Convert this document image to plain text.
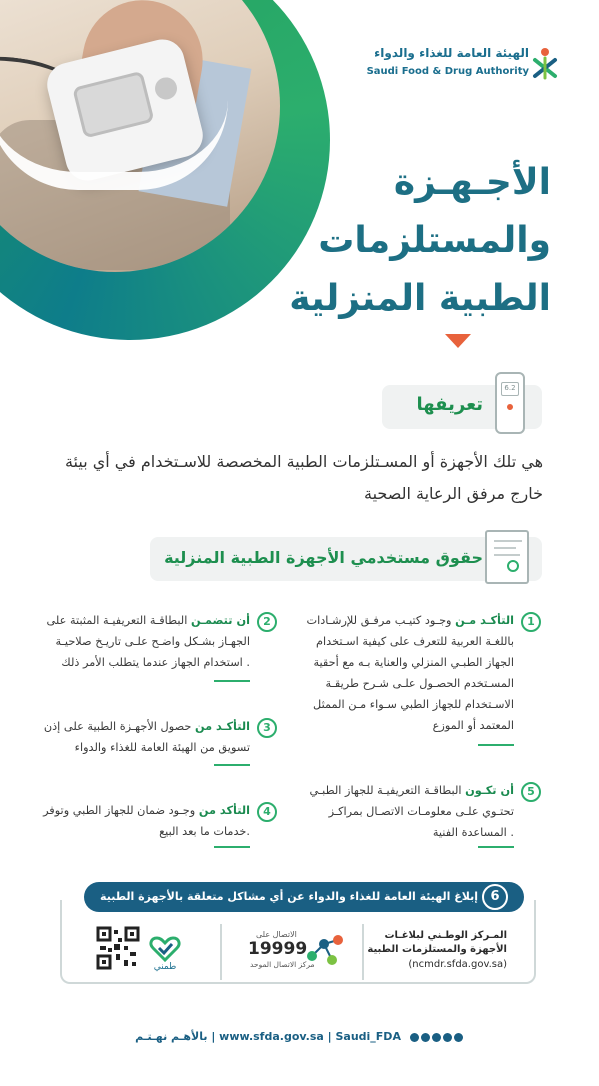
الهيئة العامة للغذاء والدواء
Saudi Food & Drug Authority
الأجـهـزة
والمستلزمات
الطبية المنزلية
تعريفها
6.2
هي تلك الأجهزة أو المسـتلزمات الطبية المخصصة للاسـتخدام في أي بيئة خارج مرفق الرعاية الصحية
حقوق مستخدمي الأجهزة الطبية المنزلية
1
التأكـد مـن وجـود كتيـب مرفـق للإرشـادات باللغـة العربية للتعرف على كيفية اسـتخدام الجهاز الطبـي المنزلي والعناية بـه مع أحقية المسـتخدم الحصـول علـى شـرح طريقـة الاسـتخدام للجهاز الطبي سـواء مـن الممثل المعتمد أو الموزع
2
أن تتضمـن البطاقـة التعريفيـة المثبتة على الجهـاز بشـكل واضـح علـى تاريـخ صلاحيـة استخدام الجهاز عندما يتطلب الأمر ذلك .
3
التأكـد من حصول الأجهـزة الطبية على إذن تسويق من الهيئة العامة للغذاء والدواء
4
التأكد من وجـود ضمان للجهاز الطبي وتوفر خدمات ما بعد البيع.
5
أن تكـون البطاقـة التعريفيـة للجهاز الطبـي تحتـوي علـى معلومـات الاتصـال بمراكـز المساعدة الفنية .
إبلاغ الهيئة العامة للغذاء والدواء عن أي مشاكل متعلقة بالأجهزة الطبية عن طريق :
6
المـركز الوطـني لبلاغـات
الأجهزة والمستلزمات الطبية
(ncmdr.sfda.gov.sa)
الاتصال على
19999
مركز الاتصال الموحد
طمني
بالأهـم نهـتـم | www.sfda.gov.sa | Saudi_FDA
